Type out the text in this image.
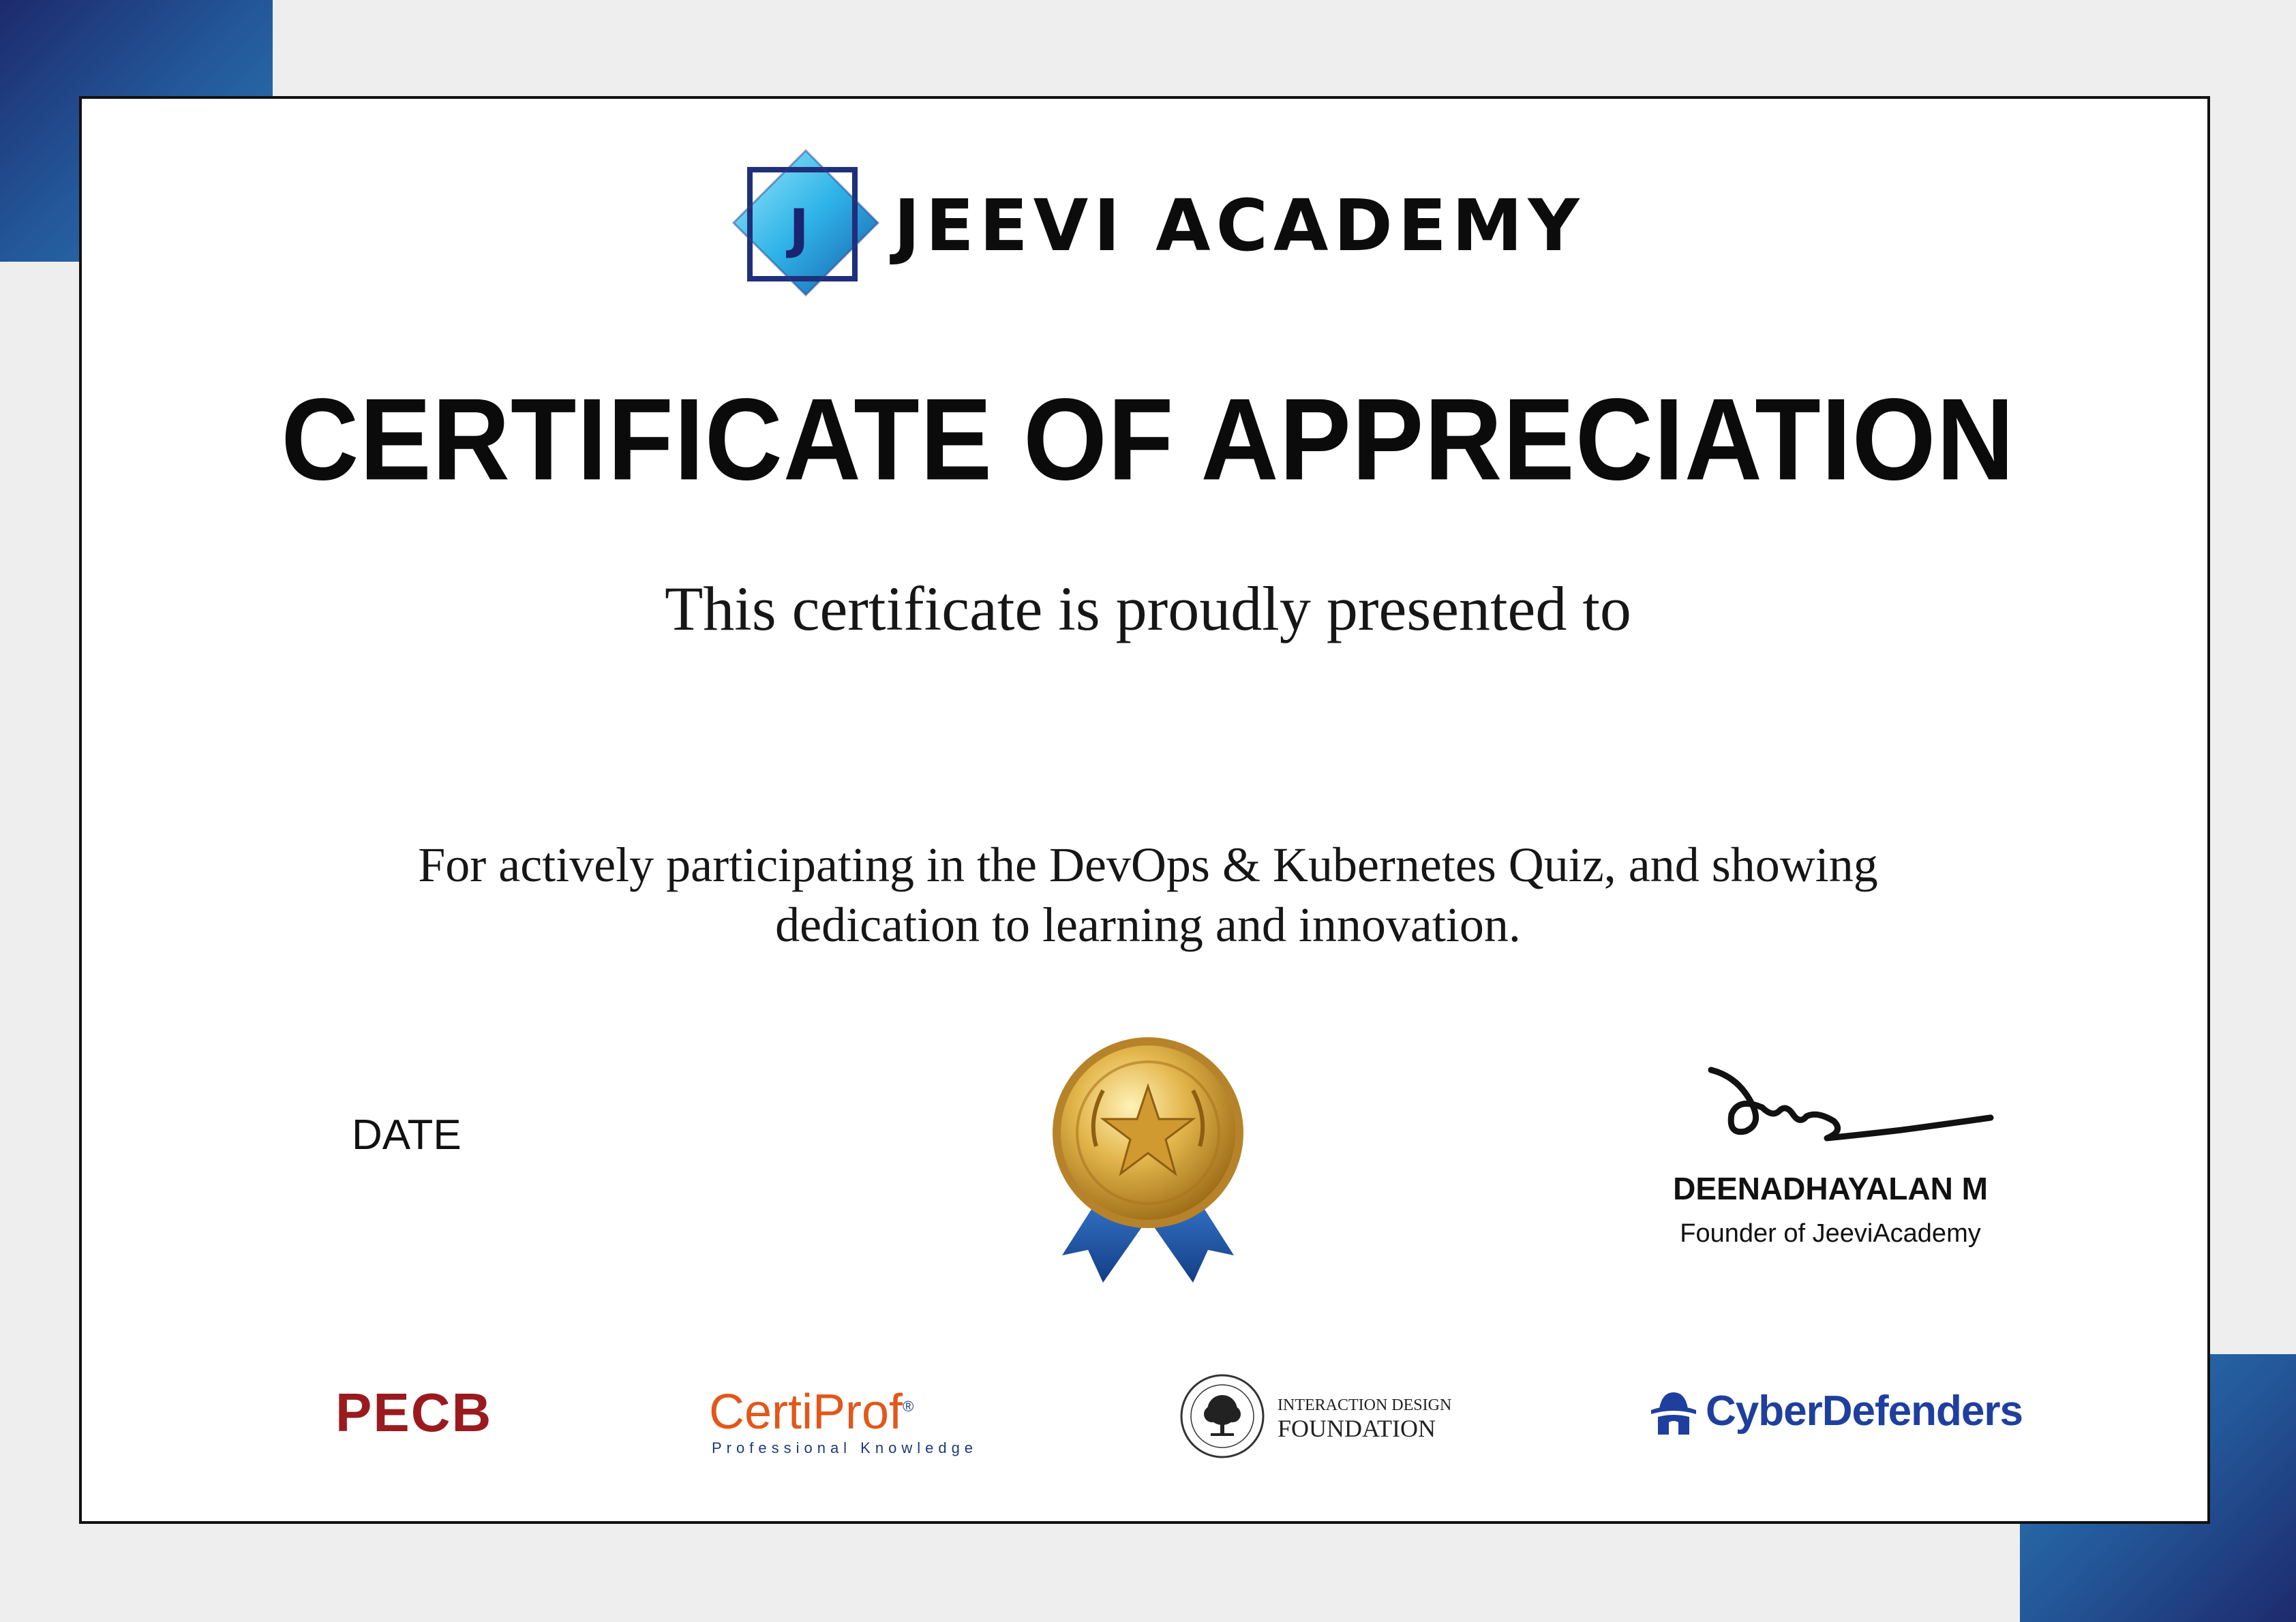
J JEEVI ACADEMY
CERTIFICATE OF APPRECIATION
This certificate is proudly presented to
For actively participating in the DevOps & Kubernetes Quiz, and showing
dedication to learning and innovation.
DATE
DEENADHAYALAN M
Founder of JeeviAcademy
PECB	CertiProf®
Professional Knowledge
INTERACTION DESIGN
FOUNDATION	CyberDefenders
